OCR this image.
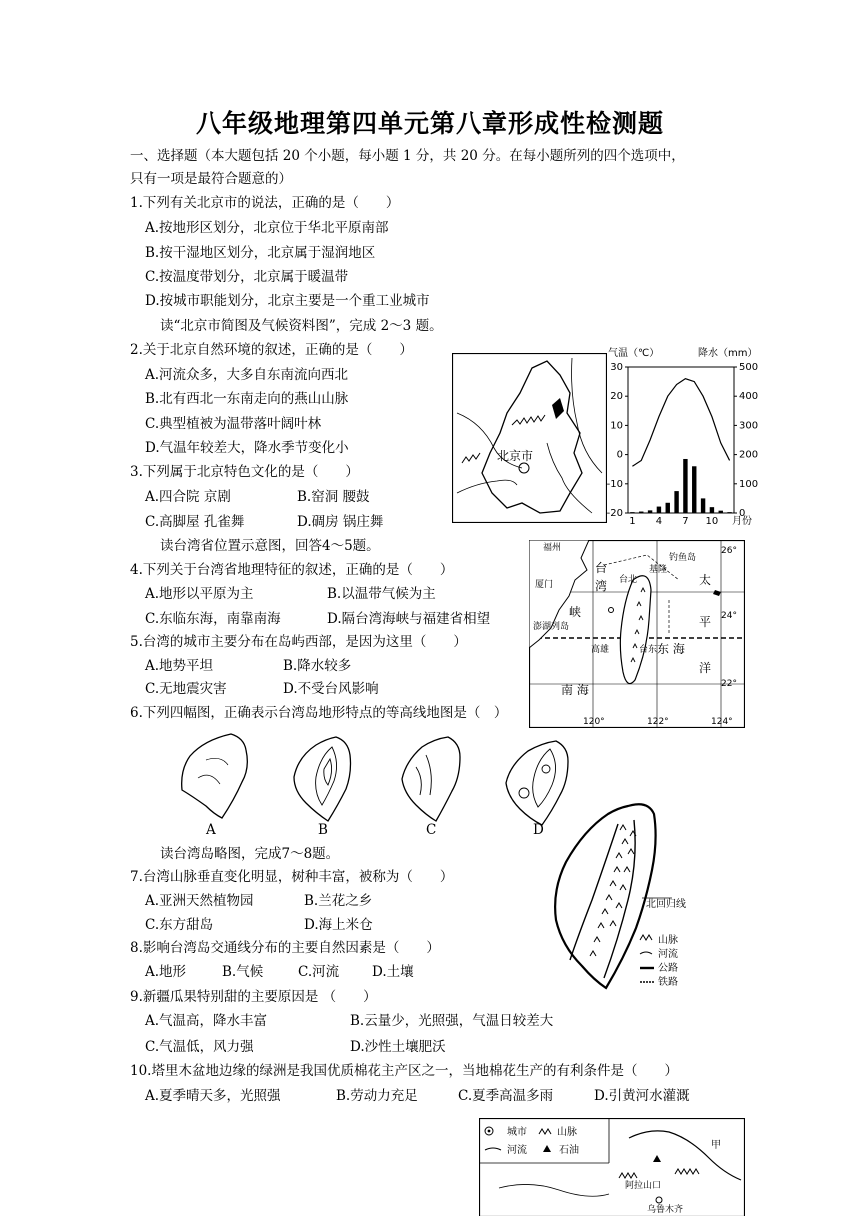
八年级地理第四单元第八章形成性检测题
一、选择题（本大题包括 20 个小题，每小题 1 分，共 20 分。在每小题所列的四个选项中，
只有一项是最符合题意的）
1.下列有关北京市的说法，正确的是（　　）
A.按地形区划分，北京位于华北平原南部
B.按干湿地区划分，北京属于湿润地区
C.按温度带划分，北京属于暖温带
D.按城市职能划分，北京主要是一个重工业城市
读“北京市简图及气候资料图”，完成 2～3 题。
2.关于北京自然环境的叙述，正确的是（　　）
A.河流众多，大多自东南流向西北
B.北有西北一东南走向的燕山山脉
C.典型植被为温带落叶阔叶林
D.气温年较差大，降水季节变化小
3.下列属于北京特色文化的是（　　）
A.四合院 京剧	B.窑洞 腰鼓
C.高脚屋 孔雀舞	D.碉房 锅庄舞
读台湾省位置示意图，回答4～5题。
4.下列关于台湾省地理特征的叙述，正确的是（　　）
A.地形以平原为主	B.以温带气候为主
C.东临东海，南靠南海	D.隔台湾海峡与福建省相望
5.台湾的城市主要分布在岛屿西部，是因为这里（　　）
A.地势平坦	B.降水较多
C.无地震灾害	D.不受台风影响
6.下列四幅图，正确表示台湾岛地形特点的等高线地图是（　）
A	B	C	D
读台湾岛略图，完成7～8题。
7.台湾山脉垂直变化明显，树种丰富，被称为（　　）
A.亚洲天然植物园	B.兰花之乡
C.东方甜岛	D.海上米仓
8.影响台湾岛交通线分布的主要自然因素是（　　）
A.地形	B.气候	C.河流 D.土壤
9.新疆瓜果特别甜的主要原因是 （　　）
A.气温高，降水丰富	B.云量少，光照强，气温日较差大
C.气温低，风力强	D.沙性土壤肥沃
10.塔里木盆地边缘的绿洲是我国优质棉花主产区之一，当地棉花生产的有利条件是（　　）
A.夏季晴天多，光照强	B.劳动力充足	C.夏季高温多雨	D.引黄河水灌溉
北京市
气温（℃）	降水（mm）
30
20
10
0
-10
-20
500
400
300
200
100
0
1 4 7 10 月份
福州
厦门
台
湾
峡
澎湖列岛
台北
基隆
钓鱼岛
高雄	台东
太
平
洋
东 海
南 海
26°
24°
22°
120°	122°	124°
北回归线
山脉
河流
公路
铁路
城市	山脉
河流	石油	甲
阿拉山口
乌鲁木齐
